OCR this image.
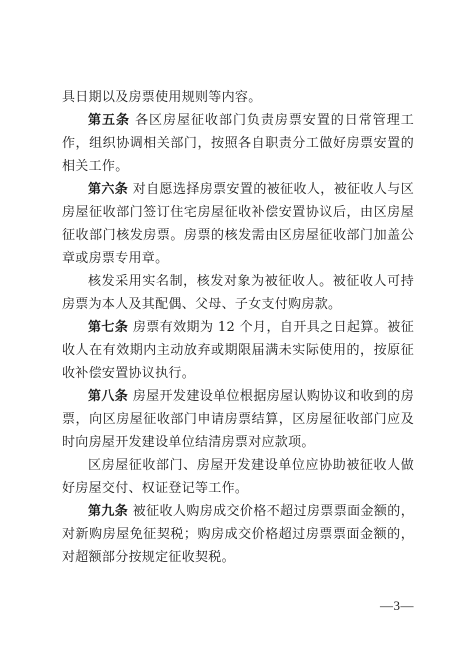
具日期以及房票使用规则等内容。

第五条 各区房屋征收部门负责房票安置的日常管理工作，组织协调相关部门，按照各自职责分工做好房票安置的相关工作。

第六条 对自愿选择房票安置的被征收人，被征收人与区房屋征收部门签订住宅房屋征收补偿安置协议后，由区房屋征收部门核发房票。房票的核发需由区房屋征收部门加盖公章或房票专用章。

核发采用实名制，核发对象为被征收人。被征收人可持房票为本人及其配偶、父母、子女支付购房款。

第七条 房票有效期为 12 个月，自开具之日起算。被征收人在有效期内主动放弃或期限届满未实际使用的，按原征收补偿安置协议执行。

第八条 房屋开发建设单位根据房屋认购协议和收到的房票，向区房屋征收部门申请房票结算，区房屋征收部门应及时向房屋开发建设单位结清房票对应款项。

区房屋征收部门、房屋开发建设单位应协助被征收人做好房屋交付、权证登记等工作。

第九条 被征收人购房成交价格不超过房票票面金额的，对新购房屋免征契税；购房成交价格超过房票票面金额的，对超额部分按规定征收契税。

—3—
